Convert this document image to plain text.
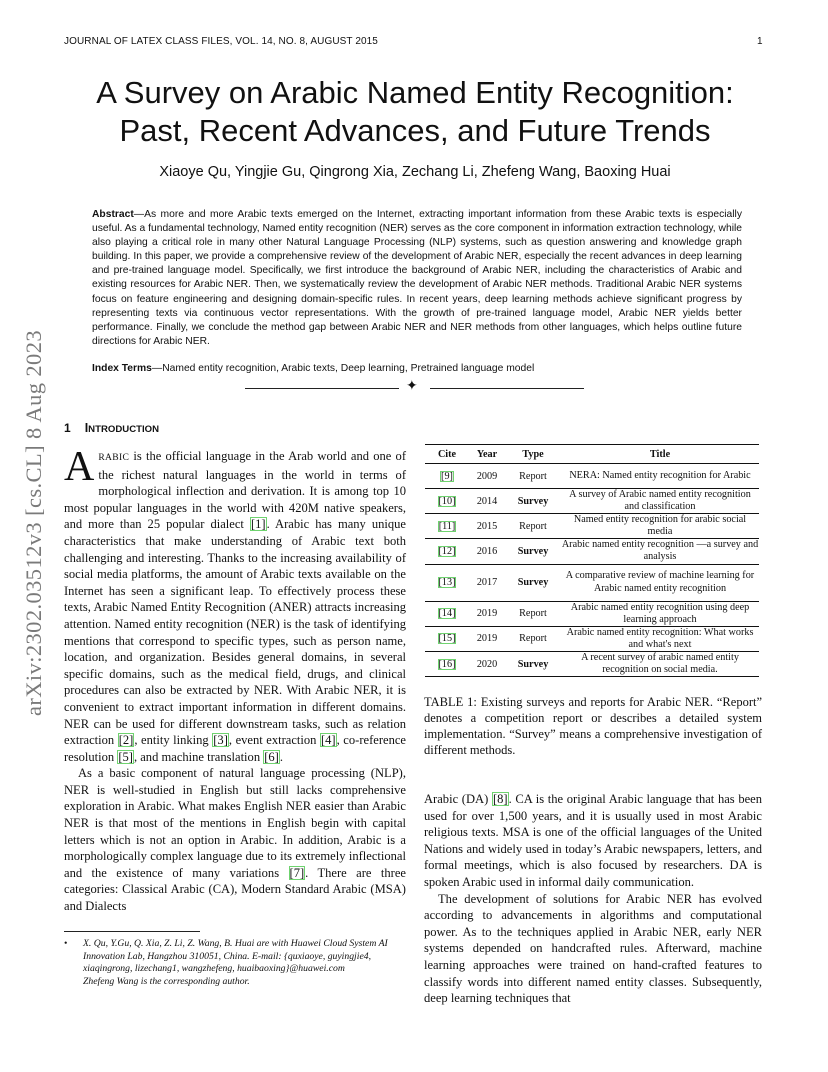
JOURNAL OF LATEX CLASS FILES, VOL. 14, NO. 8, AUGUST 2015	1
A Survey on Arabic Named Entity Recognition:
Past, Recent Advances, and Future Trends
Xiaoye Qu, Yingjie Gu, Qingrong Xia, Zechang Li, Zhefeng Wang, Baoxing Huai
Abstract—As more and more Arabic texts emerged on the Internet, extracting important information from these Arabic texts is especially useful. As a fundamental technology, Named entity recognition (NER) serves as the core component in information extraction technology, while also playing a critical role in many other Natural Language Processing (NLP) systems, such as question answering and knowledge graph building. In this paper, we provide a comprehensive review of the development of Arabic NER, especially the recent advances in deep learning and pre-trained language model. Specifically, we first introduce the background of Arabic NER, including the characteristics of Arabic and existing resources for Arabic NER. Then, we systematically review the development of Arabic NER methods. Traditional Arabic NER systems focus on feature engineering and designing domain-specific rules. In recent years, deep learning methods achieve significant progress by representing texts via continuous vector representations. With the growth of pre-trained language model, Arabic NER yields better performance. Finally, we conclude the method gap between Arabic NER and NER methods from other languages, which helps outline future directions for Arabic NER.
Index Terms—Named entity recognition, Arabic texts, Deep learning, Pretrained language model
✦
1 INTRODUCTION

ARABIC is the official language in the Arab world and one of the richest natural languages in the world in terms of morphological inflection and derivation. It is among top 10 most popular languages in the world with 420M native speakers, and more than 25 popular dialect [1]. Arabic has many unique characteristics that make understanding of Arabic text both challenging and interesting. Thanks to the increasing availability of social media platforms, the amount of Arabic texts available on the Internet has seen a significant leap. To effectively process these texts, Arabic Named Entity Recognition (ANER) attracts increasing attention. Named entity recognition (NER) is the task of identifying mentions that correspond to specific types, such as person name, location, and organization. Besides general domains, in several specific domains, such as the medical field, drugs, and clinical procedures can also be extracted by NER. With Arabic NER, it is convenient to extract important information in different domains. NER can be used for different downstream tasks, such as relation extraction [2], entity linking [3], event extraction [4], co-reference resolution [5], and machine translation [6].

As a basic component of natural language processing (NLP), NER is well-studied in English but still lacks comprehensive exploration in Arabic. What makes English NER easier than Arabic NER is that most of the mentions in English begin with capital letters which is not an option in Arabic. In addition, Arabic is a morphologically complex language due to its extremely inflectional and the existence of many variations [7]. There are three categories: Classical Arabic (CA), Modern Standard Arabic (MSA) and Dialects

• X. Qu, Y.Gu, Q. Xia, Z. Li, Z. Wang, B. Huai are with Huawei Cloud System AI Innovation Lab, Hangzhou 310051, China. E-mail: {quxiaoye, guyingjie4, xiaqingrong, lizechang1, wangzhefeng, huaibaoxing}@huawei.com
Zhefeng Wang is the corresponding author.
Cite	Year	Type	Title
[9]	2009	Report	NERA: Named entity recognition for Arabic
[10]	2014	Survey	A survey of Arabic named entity recognition and classification
[11]	2015	Report	Named entity recognition for arabic social media
[12]	2016	Survey	Arabic named entity recognition —a survey and analysis
[13]	2017	Survey	A comparative review of machine learning for Arabic named entity recognition
[14]	2019	Report	Arabic named entity recognition using deep learning approach
[15]	2019	Report	Arabic named entity recognition: What works and what's next
[16]	2020	Survey	A recent survey of arabic named entity recognition on social media.
TABLE 1: Existing surveys and reports for Arabic NER. “Report” denotes a competition report or describes a detailed system implementation. “Survey” means a comprehensive investigation of different methods.

Arabic (DA) [8]. CA is the original Arabic language that has been used for over 1,500 years, and it is usually used in most Arabic religious texts. MSA is one of the official languages of the United Nations and widely used in today’s Arabic newspapers, letters, and formal meetings, which is also focused by researchers. DA is spoken Arabic used in informal daily communication.

The development of solutions for Arabic NER has evolved according to advancements in algorithms and computational power. As to the techniques applied in Arabic NER, early NER systems depended on handcrafted rules. Afterward, machine learning approaches were trained on hand-crafted features to classify words into different named entity classes. Subsequently, deep learning techniques that

arXiv:2302.03512v3 [cs.CL] 8 Aug 2023
